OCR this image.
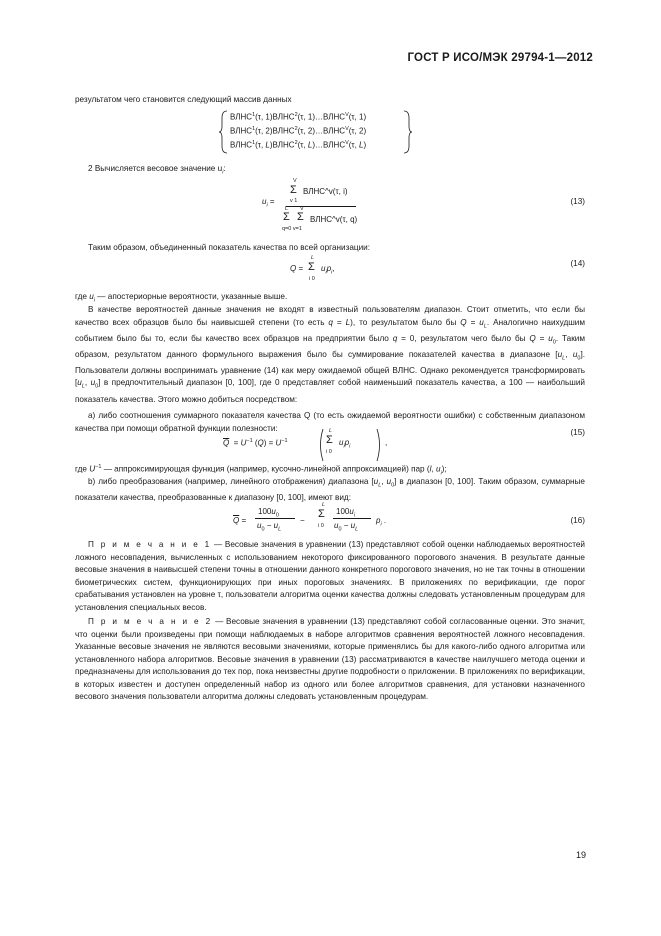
ГОСТ Р ИСО/МЭК 29794-1—2012
результатом чего становится следующий массив данных
ВЛНС$^1$(τ, 1)ВЛНС$^2$(τ, $1)\dots ВЛНС^V(\tau$, 1)
ВЛНС$^1$(τ, 2)ВЛНС$^2$(τ, $2)\dots ВЛНС^V(\tau$, 2)
ВЛНС$^1$(τ, L)ВЛНС$^2$(τ, $L)\dots ВЛНС^V(\tau$, L)
2 Вычисляется весовое значение $u_i$:
$u_i$ =
V
Σ ВЛНС^v(τ, i)
v 1
L V
Σ Σ ВЛНС^v(τ, q)
q=0 v=1
(13)
Таким образом, объединенный показатель качества по всей организации:
Q =
L
Σ
i 0
$u_ip_i$,
(14)
где $u_i$ — апостериорные вероятности, указанные выше.
В качестве вероятностей данные значения не входят в известный пользователям диапазон. Стоит отметить, что если бы качество всех образцов было бы наивысшей степени (то есть q = L), то результатом было бы $Q = u_L$. Аналогично наихудшим событием было бы то, если бы качество всех образцов на предприятии было q = 0, результатом чего было бы $Q = u_0$. Таким образом, результатом данного формульного выражения было бы суммирование показателей качества в диапазоне [$u_L$, $u_0$]. Пользователи должны воспринимать уравнение (14) как меру ожидаемой общей ВЛНС. Однако рекомендуется трансформировать [$u_L$, $u_0$] в предпочтительный диапазон [0, 100], где 0 представляет собой наименьший показатель качества, а 100 — наибольший показатель качества. Этого можно добиться посредством:
а) либо соотношения суммарного показателя качества Q (то есть ожидаемой вероятности ошибки) с собственным диапазоном качества при помощи обратной функции полезности:
$\overline{Q} = U^{-1}$ $(Q) = U^{-1}$
L
Σ
i 0
$u_ip_i$	,
(15)
где $U^{-1}$ — аппроксимирующая функция (например, кусочно-линейной аппроксимацией) пар (l, $u_i$);
b) либо преобразования (например, линейного отображения) диапазона [$u_L$, $u_0$] в диапазон [0, 100]. Таким образом, суммарные показатели качества, преобразованные к диапазону [0, 100], имеют вид:
$\overline{Q}$ =
$100u_0$
$u_0 - u_L$
−
L
Σ
i 0
$100u_i$
$u_0 - u_L$
$p_i$ .	(16)
П р и м е ч а н и е 1 — Весовые значения в уравнении (13) представляют собой оценки наблюдаемых вероятностей ложного несовпадения, вычисленных с использованием некоторого фиксированного порогового значения. В результате данные весовые значения в наивысшей степени точны в отношении данного конкретного порогового значения, но не так точны в отношении биометрических систем, функционирующих при иных пороговых значениях. В приложениях по верификации, где порог срабатывания установлен на уровне τ, пользователи алгоритма оценки качества должны следовать установленным процедурам для установления специальных весов.
П р и м е ч а н и е 2 — Весовые значения в уравнении (13) представляют собой согласованные оценки. Это значит, что оценки были произведены при помощи наблюдаемых в наборе алгоритмов сравнения вероятностей ложного несовпадения. Указанные весовые значения не являются весовыми значениями, которые применялись бы для какого-либо одного алгоритма или установленного набора алгоритмов. Весовые значения в уравнении (13) рассматриваются в качестве наилучшего метода оценки и предназначены для использования до тех пор, пока неизвестны другие подробности о приложении. В приложениях по верификации, в которых известен и доступен определенный набор из одного или более алгоритмов сравнения, для установки назначенного весового значения пользователи алгоритма должны следовать установленным процедурам.
19
